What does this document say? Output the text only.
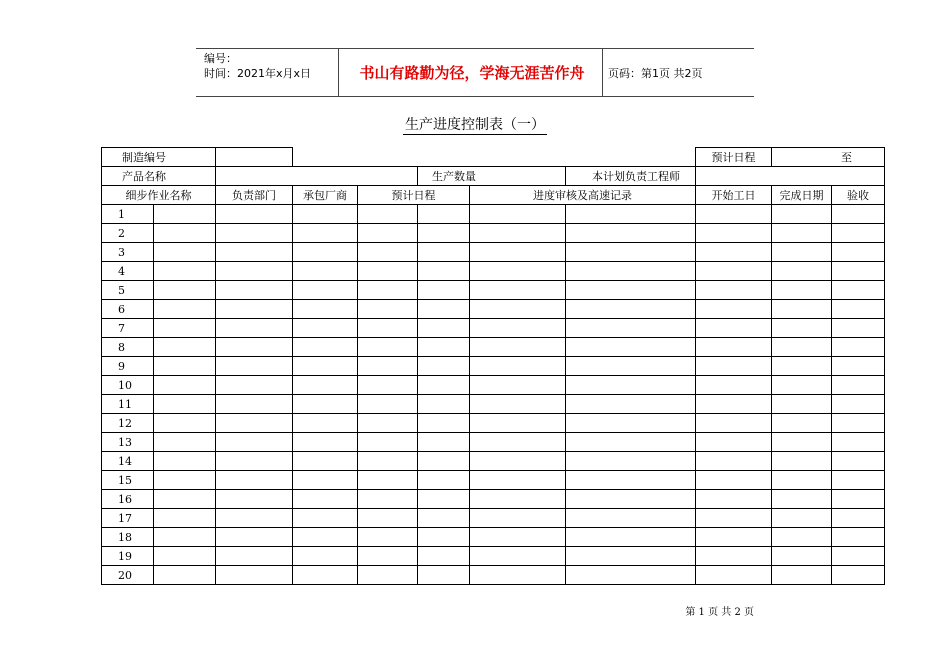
编号：
时间：2021年x月x日	书山有路勤为径，学海无涯苦作舟	页码：第1页 共2页
生产进度控制表（一）
制造编号								预计日程	至	
产品名称					生产数量		本计划负责工程师			
细步作业名称		负责部门	承包厂商	预计日程		进度审核及高速记录		开始工日	完成日期	验收
1										
2										
3										
4										
5										
6										
7										
8										
9										
10										
11										
12										
13										
14										
15										
16										
17										
18										
19										
20										
第 1 页 共 2 页
